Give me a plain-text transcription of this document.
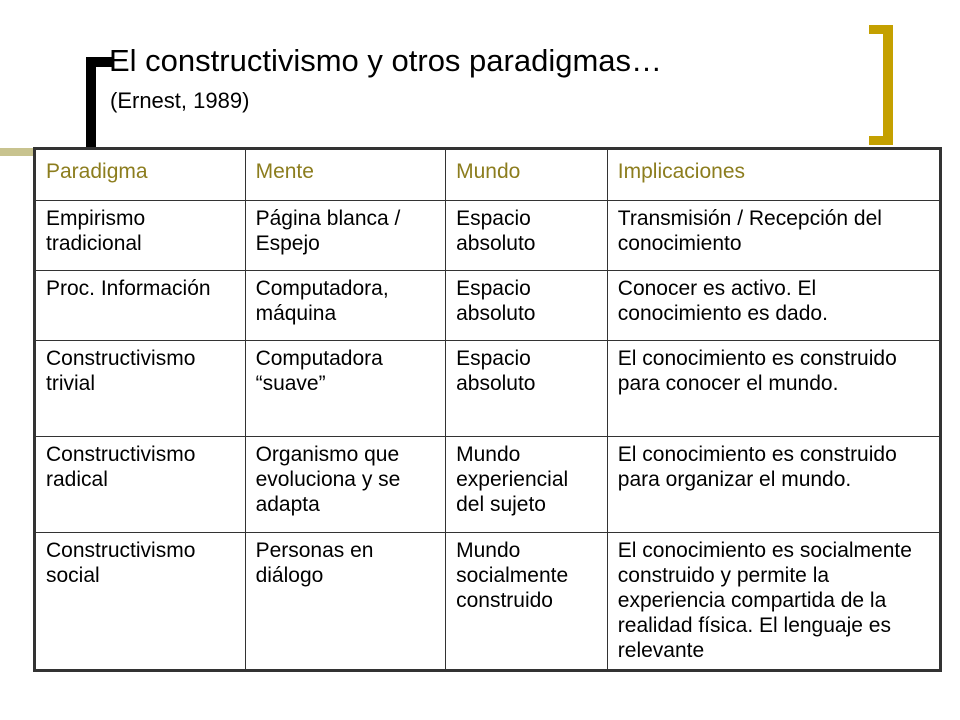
El constructivismo y otros paradigmas…
(Ernest, 1989)
Paradigma	Mente	Mundo	Implicaciones
Empirismo tradicional	Página blanca / Espejo	Espacio absoluto	Transmisión / Recepción del conocimiento
Proc. Información	Computadora, máquina	Espacio absoluto	Conocer es activo. El conocimiento es dado.
Constructivismo trivial	Computadora “suave”	Espacio absoluto	El conocimiento es construido para conocer el mundo.
Constructivismo radical	Organismo que evoluciona y se adapta	Mundo experiencial del sujeto	El conocimiento es construido para organizar el mundo.
Constructivismo social	Personas en diálogo	Mundo socialmente construido	El conocimiento es socialmente construido y permite la experiencia compartida de la realidad física. El lenguaje es relevante
